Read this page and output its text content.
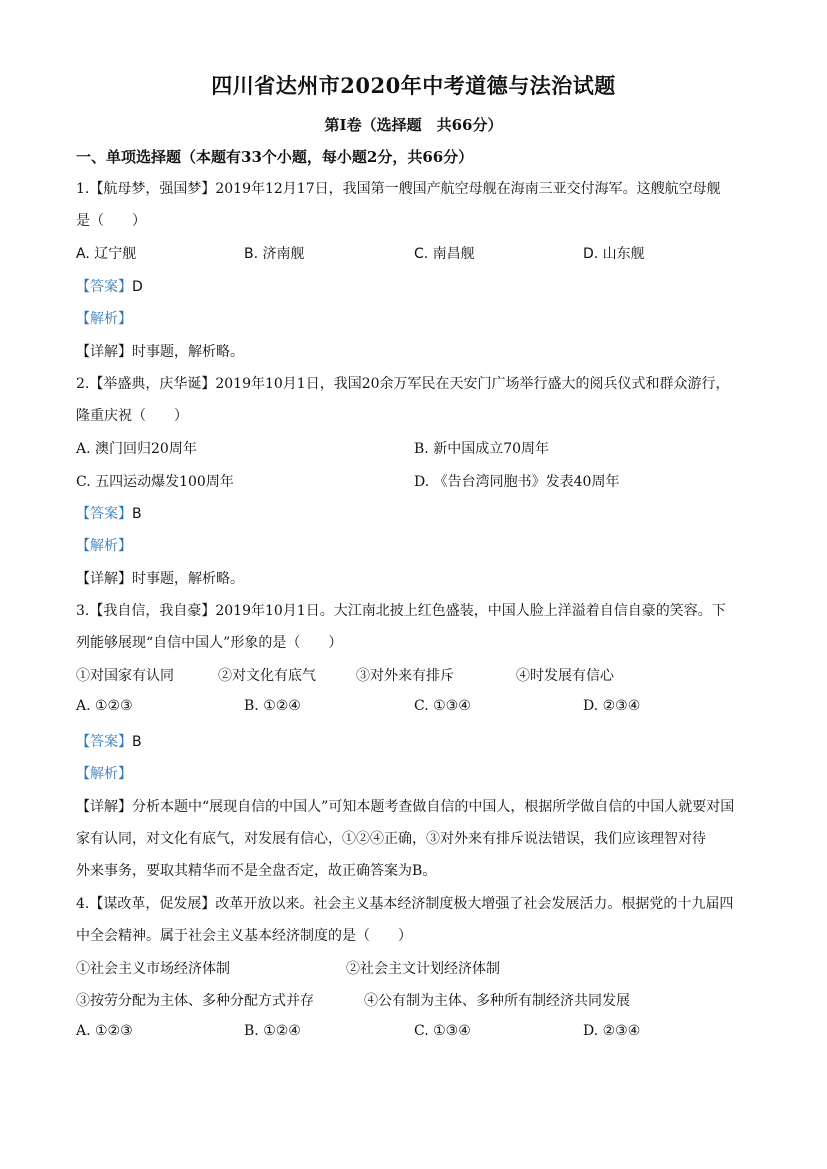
四川省达州市2020年中考道德与法治试题
第I卷（选择题　共66分）
一、单项选择题（本题有33个小题，每小题2分，共66分）
1.【航母梦，强国梦】2019年12月17日，我国第一艘国产航空母舰在海南三亚交付海军。这艘航空母舰
是（　　）
A. 辽宁舰	B. 济南舰	C. 南昌舰	D. 山东舰
【答案】D
【解析】
【详解】时事题，解析略。
2.【举盛典，庆华诞】2019年10月1日，我国20余万军民在天安门广场举行盛大的阅兵仪式和群众游行，
隆重庆祝（　　）
A. 澳门回归20周年	B. 新中国成立70周年
C. 五四运动爆发100周年	D. 《告台湾同胞书》发表40周年
【答案】B
【解析】
【详解】时事题，解析略。
3.【我自信，我自豪】2019年10月1日。大江南北披上红色盛装，中国人脸上洋溢着自信自豪的笑容。下
列能够展现“自信中国人”形象的是（　　）
①对国家有认同	②对文化有底气	③对外来有排斥	④时发展有信心
A. ①②③	B. ①②④	C. ①③④	D. ②③④
【答案】B
【解析】
【详解】分析本题中“展现自信的中国人”可知本题考查做自信的中国人，根据所学做自信的中国人就要对国
家有认同，对文化有底气，对发展有信心，①②④正确，③对外来有排斥说法错误，我们应该理智对待
外来事务，要取其精华而不是全盘否定，故正确答案为B。
4.【谋改革，促发展】改革开放以来。社会主义基本经济制度极大增强了社会发展活力。根据党的十九届四
中全会精神。属于社会主义基本经济制度的是（　　）
①社会主义市场经济体制	②社会主文计划经济体制
③按劳分配为主体、多种分配方式并存	④公有制为主体、多种所有制经济共同发展
A. ①②③	B. ①②④	C. ①③④	D. ②③④
